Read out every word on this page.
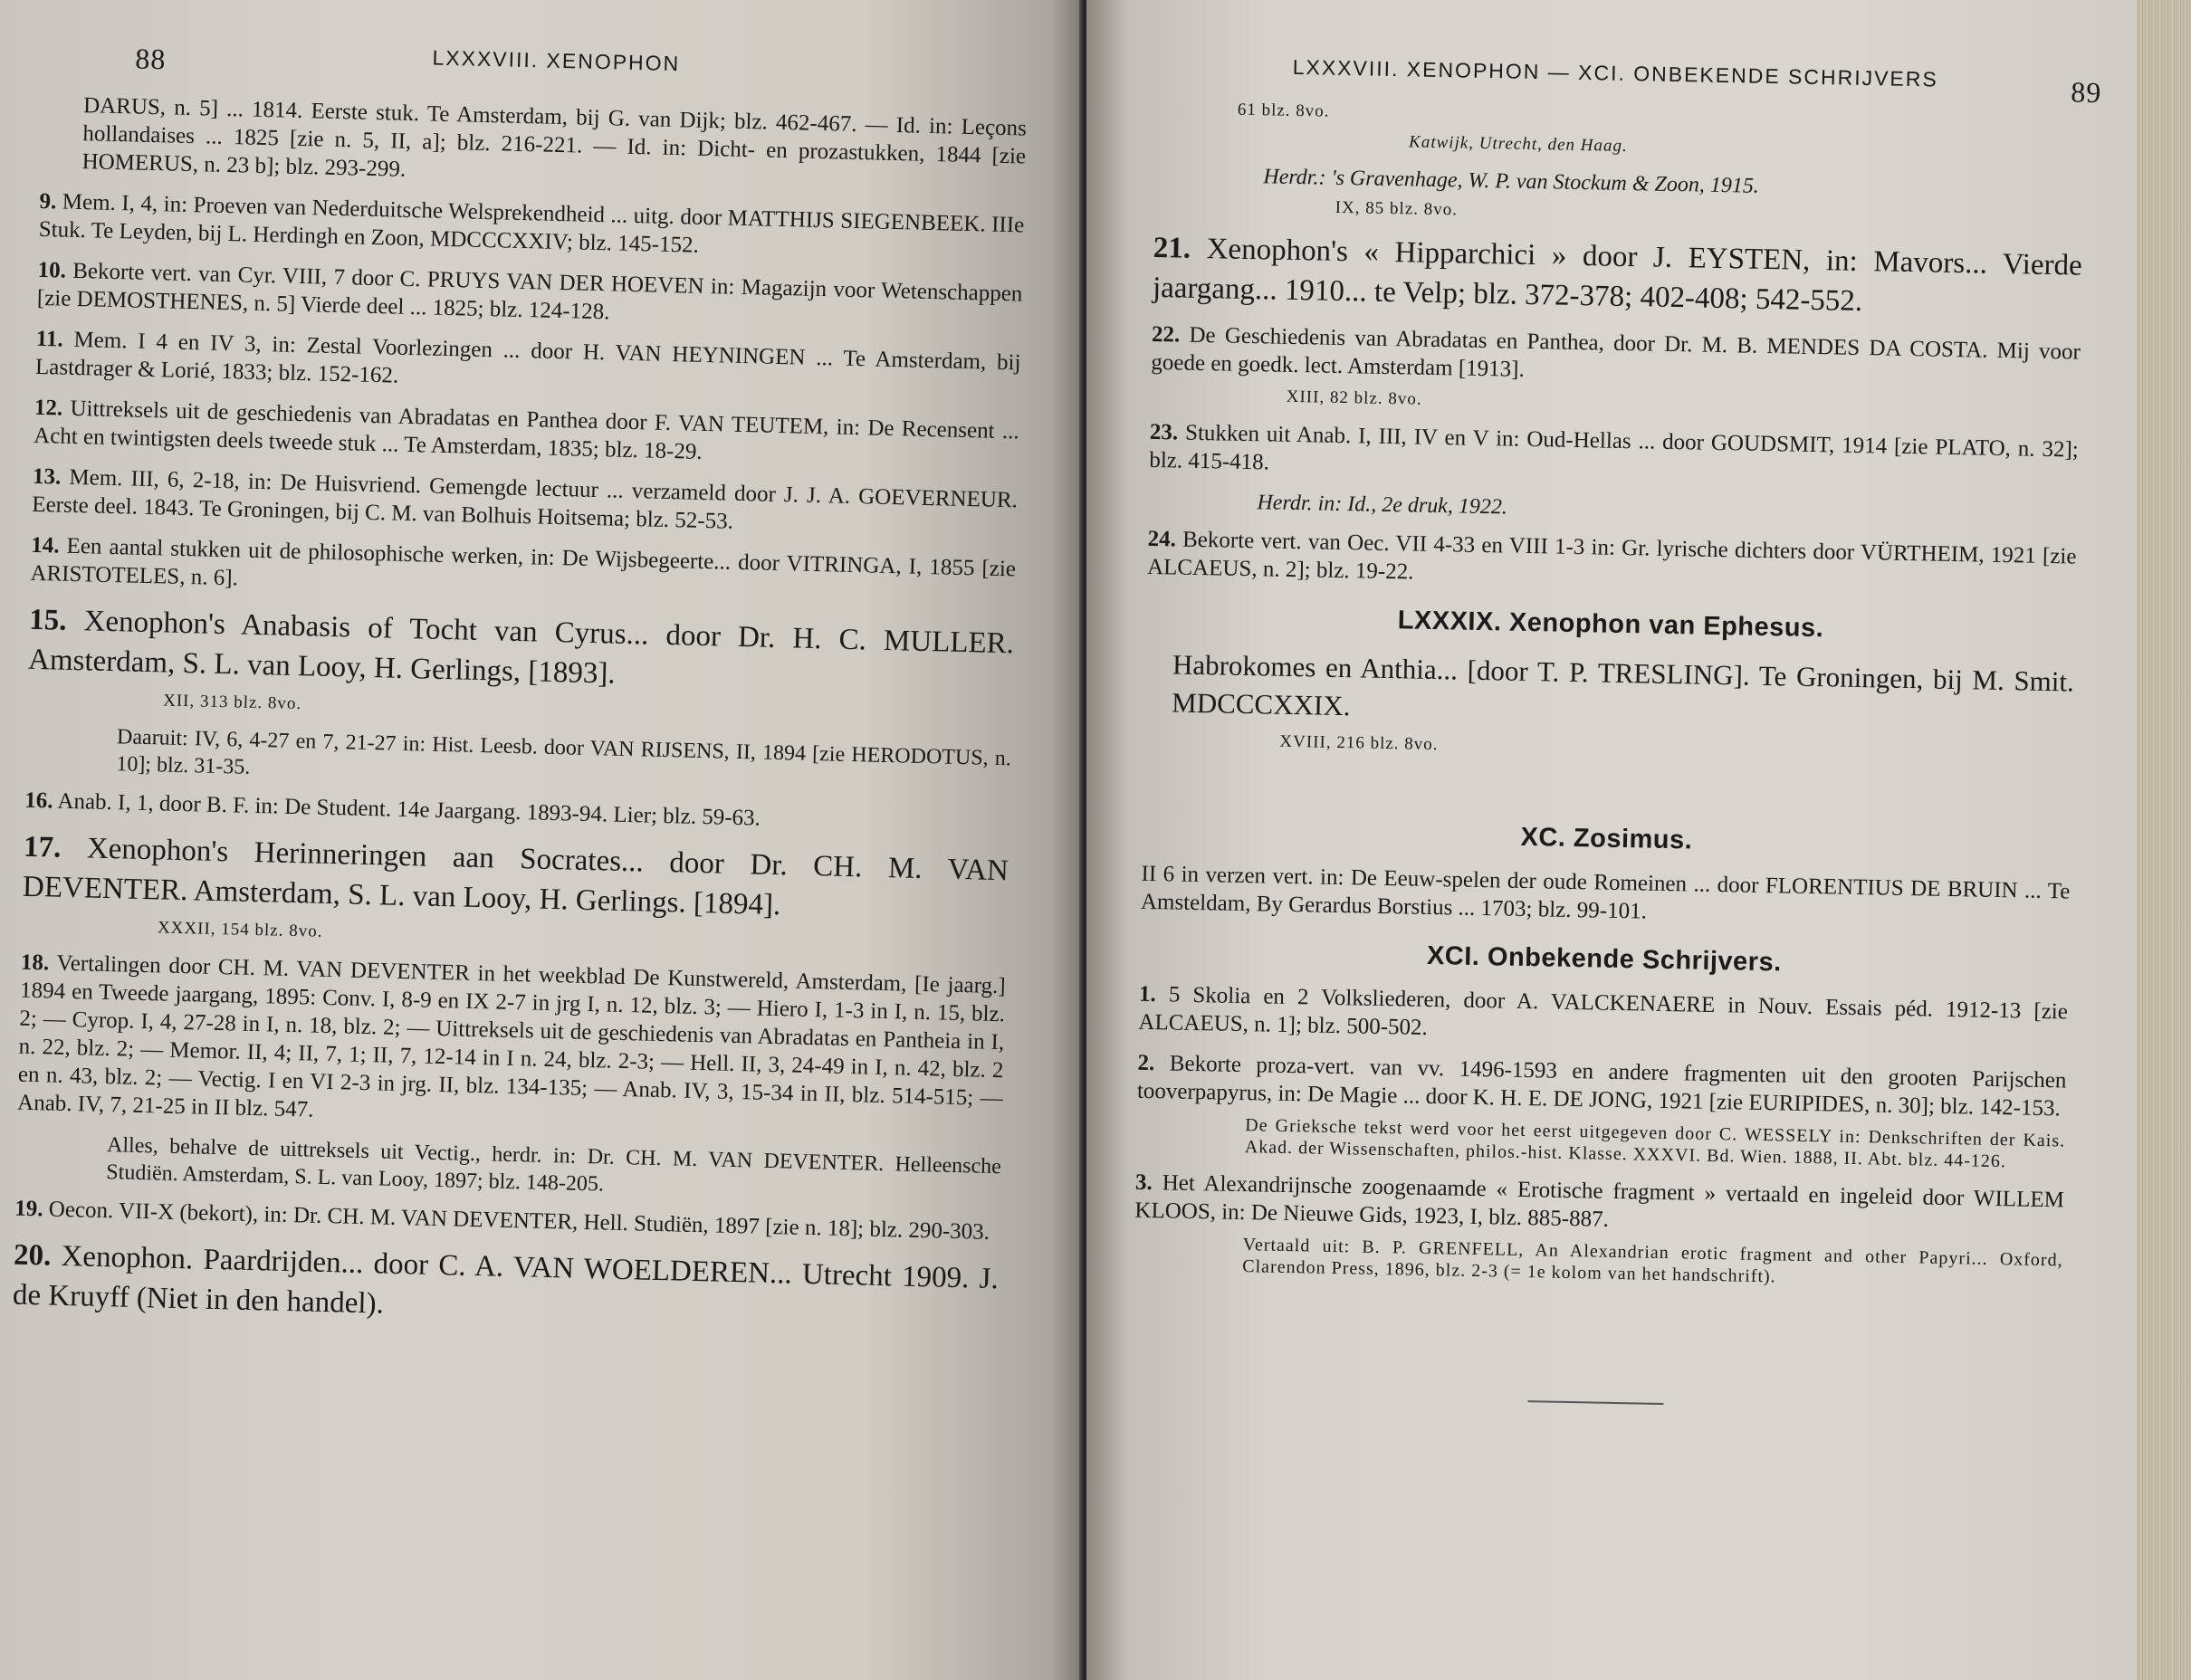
88	LXXXVIII. XENOPHON

DARUS, n. 5] ... 1814. Eerste stuk. Te Amsterdam, bij G. van Dijk; blz. 462-467. — Id. in: Leçons hollandaises ... 1825 [zie n. 5, II, a]; blz. 216-221. — Id. in: Dicht- en prozastukken, 1844 [zie HOMERUS, n. 23 b]; blz. 293-299.

9. Mem. I, 4, in: Proeven van Nederduitsche Welsprekendheid ... uitg. door MATTHIJS SIEGENBEEK. IIIe Stuk. Te Leyden, bij L. Herdingh en Zoon, MDCCCXXIV; blz. 145-152.

10. Bekorte vert. van Cyr. VIII, 7 door C. PRUYS VAN DER HOEVEN in: Magazijn voor Wetenschappen [zie DEMOSTHENES, n. 5] Vierde deel ... 1825; blz. 124-128.

11. Mem. I 4 en IV 3, in: Zestal Voorlezingen ... door H. VAN HEYNINGEN ... Te Amsterdam, bij Lastdrager & Lorié, 1833; blz. 152-162.

12. Uittreksels uit de geschiedenis van Abradatas en Panthea door F. VAN TEUTEM, in: De Recensent ... Acht en twintigsten deels tweede stuk ... Te Amsterdam, 1835; blz. 18-29.

13. Mem. III, 6, 2-18, in: De Huisvriend. Gemengde lectuur ... verzameld door J. J. A. GOEVERNEUR. Eerste deel. 1843. Te Groningen, bij C. M. van Bolhuis Hoitsema; blz. 52-53.

14. Een aantal stukken uit de philosophische werken, in: De Wijsbegeerte... door VITRINGA, I, 1855 [zie ARISTOTELES, n. 6].

15. Xenophon's Anabasis of Tocht van Cyrus... door Dr. H. C. MULLER. Amsterdam, S. L. van Looy, H. Gerlings, [1893].

XII, 313 blz. 8vo.

Daaruit: IV, 6, 4-27 en 7, 21-27 in: Hist. Leesb. door VAN RIJSENS, II, 1894 [zie HERODOTUS, n. 10]; blz. 31-35.

16. Anab. I, 1, door B. F. in: De Student. 14e Jaargang. 1893-94. Lier; blz. 59-63.

17. Xenophon's Herinneringen aan Socrates... door Dr. CH. M. VAN DEVENTER. Amsterdam, S. L. van Looy, H. Gerlings. [1894].

XXXII, 154 blz. 8vo.

18. Vertalingen door CH. M. VAN DEVENTER in het weekblad De Kunstwereld, Amsterdam, [Ie jaarg.] 1894 en Tweede jaargang, 1895: Conv. I, 8-9 en IX 2-7 in jrg I, n. 12, blz. 3; — Hiero I, 1-3 in I, n. 15, blz. 2; — Cyrop. I, 4, 27-28 in I, n. 18, blz. 2; — Uittreksels uit de geschiedenis van Abradatas en Pantheia in I, n. 22, blz. 2; — Memor. II, 4; II, 7, 1; II, 7, 12-14 in I n. 24, blz. 2-3; — Hell. II, 3, 24-49 in I, n. 42, blz. 2 en n. 43, blz. 2; — Vectig. I en VI 2-3 in jrg. II, blz. 134-135; — Anab. IV, 3, 15-34 in II, blz. 514-515; — Anab. IV, 7, 21-25 in II blz. 547.

Alles, behalve de uittreksels uit Vectig., herdr. in: Dr. CH. M. VAN DEVENTER. Helleensche Studiën. Amsterdam, S. L. van Looy, 1897; blz. 148-205.

19. Oecon. VII-X (bekort), in: Dr. CH. M. VAN DEVENTER, Hell. Studiën, 1897 [zie n. 18]; blz. 290-303.

20. Xenophon. Paardrijden... door C. A. VAN WOELDEREN... Utrecht 1909. J. de Kruyff (Niet in den handel).

LXXXVIII. XENOPHON — XCI. ONBEKENDE SCHRIJVERS
89

61 blz. 8vo.

Katwijk, Utrecht, den Haag.

Herdr.: 's Gravenhage, W. P. van Stockum & Zoon, 1915.

IX, 85 blz. 8vo.

21. Xenophon's « Hipparchici » door J. EYSTEN, in: Mavors... Vierde jaargang... 1910... te Velp; blz. 372-378; 402-408; 542-552.

22. De Geschiedenis van Abradatas en Panthea, door Dr. M. B. MENDES DA COSTA. Mij voor goede en goedk. lect. Amsterdam [1913].

XIII, 82 blz. 8vo.

23. Stukken uit Anab. I, III, IV en V in: Oud-Hellas ... door GOUDSMIT, 1914 [zie PLATO, n. 32]; blz. 415-418.

Herdr. in: Id., 2e druk, 1922.

24. Bekorte vert. van Oec. VII 4-33 en VIII 1-3 in: Gr. lyrische dichters door VÜRTHEIM, 1921 [zie ALCAEUS, n. 2]; blz. 19-22.

LXXXIX. Xenophon van Ephesus.

Habrokomes en Anthia... [door T. P. TRESLING]. Te Groningen, bij M. Smit. MDCCCXXIX.

XVIII, 216 blz. 8vo.

XC. Zosimus.

II 6 in verzen vert. in: De Eeuw-spelen der oude Romeinen ... door FLORENTIUS DE BRUIN ... Te Amsteldam, By Gerardus Borstius ... 1703; blz. 99-101.

XCI. Onbekende Schrijvers.

1. 5 Skolia en 2 Volksliederen, door A. VALCKENAERE in Nouv. Essais péd. 1912-13 [zie ALCAEUS, n. 1]; blz. 500-502.

2. Bekorte proza-vert. van vv. 1496-1593 en andere fragmenten uit den grooten Parijschen tooverpapyrus, in: De Magie ... door K. H. E. DE JONG, 1921 [zie EURIPIDES, n. 30]; blz. 142-153.

De Grieksche tekst werd voor het eerst uitgegeven door C. WESSELY in: Denkschriften der Kais. Akad. der Wissenschaften, philos.-hist. Klasse. XXXVI. Bd. Wien. 1888, II. Abt. blz. 44-126.

3. Het Alexandrijnsche zoogenaamde « Erotische fragment » vertaald en ingeleid door WILLEM KLOOS, in: De Nieuwe Gids, 1923, I, blz. 885-887.

Vertaald uit: B. P. GRENFELL, An Alexandrian erotic fragment and other Papyri... Oxford, Clarendon Press, 1896, blz. 2-3 (= 1e kolom van het handschrift).
